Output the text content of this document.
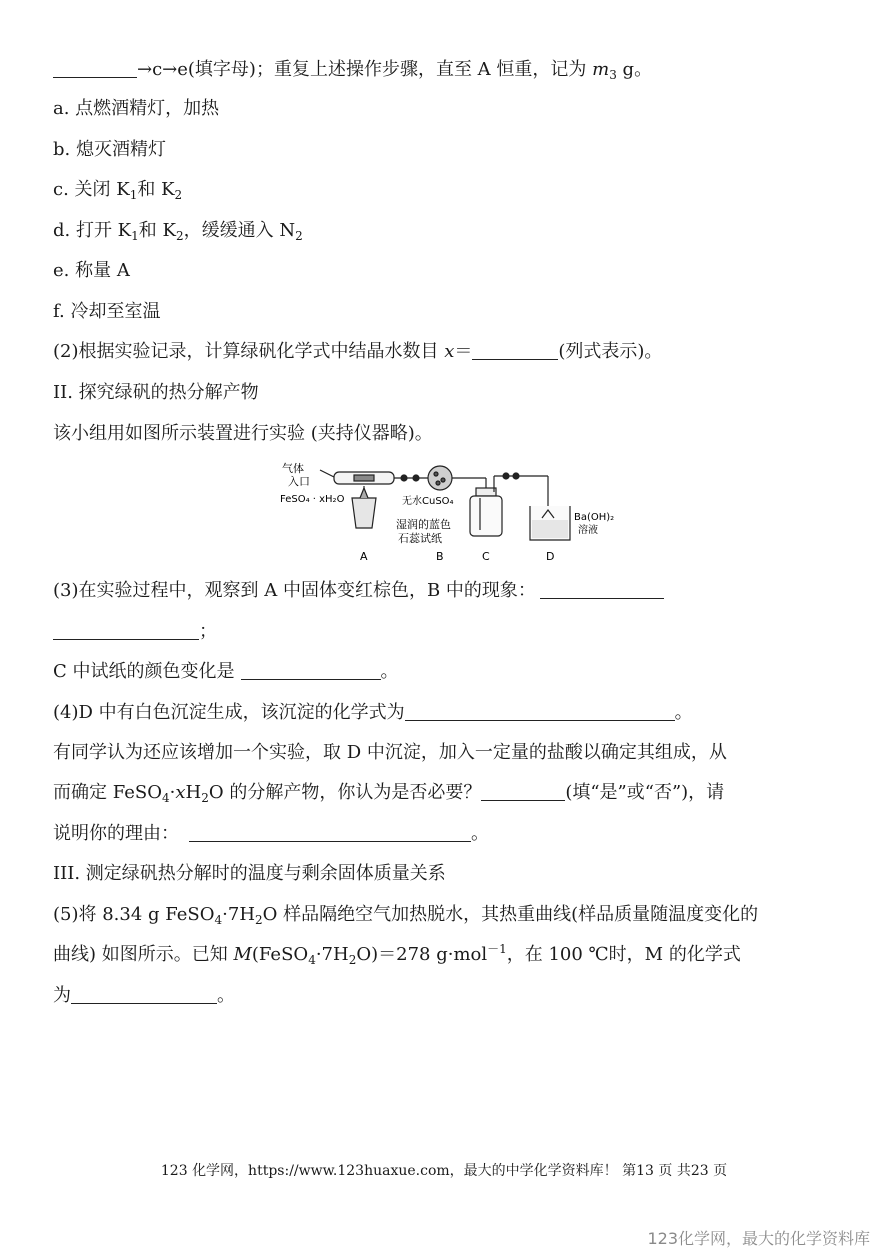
→c→e(填字母)；重复上述操作步骤，直至 A 恒重，记为 $m_3$ g。
a. 点燃酒精灯，加热
b. 熄灭酒精灯
c. 关闭 $K_1$和 $K_2$
d. 打开 $K_1$和 $K_2$，缓缓通入 $N_2$
e. 称量 A
f. 冷却至室温
(2)根据实验记录，计算绿矾化学式中结晶水数目 x＝	(列式表示)。
II. 探究绿矾的热分解产物
该小组用如图所示装置进行实验 (夹持仪器略)。
气体
入口
FeSO₄ · xH₂O	无水CuSO₄
湿润的蓝色
石蕊试纸
Ba(OH)₂
溶液
A	B	C	D
(3)在实验过程中，观察到 A 中固体变红棕色，B 中的现象：
；
C 中试纸的颜色变化是	。
(4)D 中有白色沉淀生成，该沉淀的化学式为	。
有同学认为还应该增加一个实验，取 D 中沉淀，加入一定量的盐酸以确定其组成，从
而确定 $FeSO_4\cdot xH_2O$ 的分解产物，你认为是否必要？	(填“是”或“否”)，请
说明你的理由：	。
III. 测定绿矾热分解时的温度与剩余固体质量关系
(5)将 8.34 g $FeSO_4\cdot 7H_2O$ 样品隔绝空气加热脱水，其热重曲线(样品质量随温度变化的
曲线) 如图所示。已知 $M(FeSO_4\cdot 7H_2O)=278$ g·mol$^{-1}$，在 100 ℃时，M 的化学式
为	。
123 化学网，https://www.123huaxue.com，最大的中学化学资料库！ 第13 页 共23 页
123化学网，最大的化学资料库
